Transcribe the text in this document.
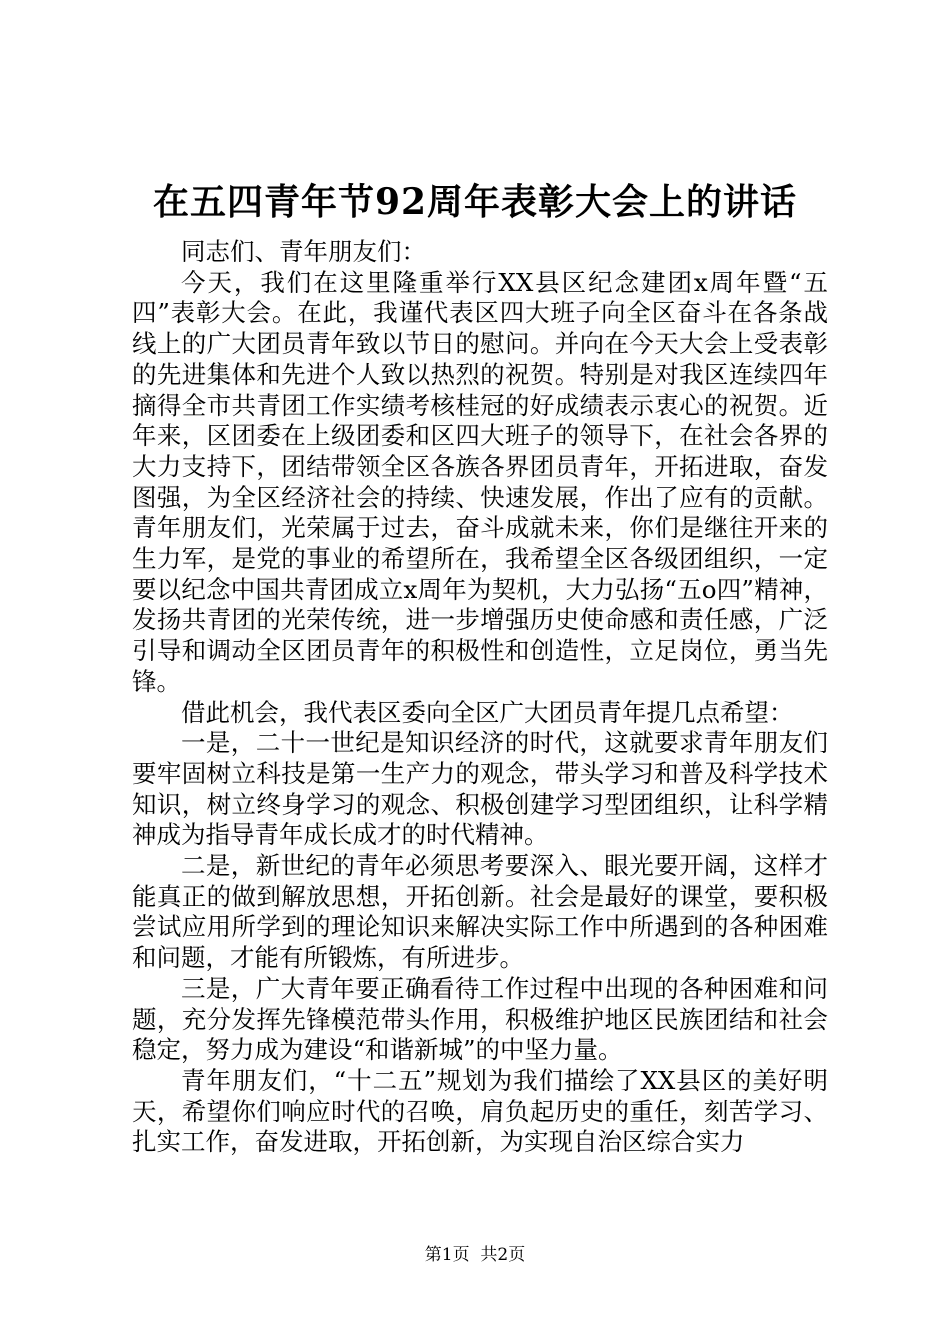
在五四青年节92周年表彰大会上的讲话

同志们、青年朋友们：

今天，我们在这里隆重举行XX县区纪念建团x周年暨“五四”表彰大会。在此，我谨代表区四大班子向全区奋斗在各条战线上的广大团员青年致以节日的慰问。并向在今天大会上受表彰的先进集体和先进个人致以热烈的祝贺。特别是对我区连续四年摘得全市共青团工作实绩考核桂冠的好成绩表示衷心的祝贺。近年来，区团委在上级团委和区四大班子的领导下，在社会各界的大力支持下，团结带领全区各族各界团员青年，开拓进取，奋发图强，为全区经济社会的持续、快速发展，作出了应有的贡献。青年朋友们，光荣属于过去，奋斗成就未来，你们是继往开来的生力军，是党的事业的希望所在，我希望全区各级团组织，一定要以纪念中国共青团成立x周年为契机，大力弘扬“五o四”精神，发扬共青团的光荣传统，进一步增强历史使命感和责任感，广泛引导和调动全区团员青年的积极性和创造性，立足岗位，勇当先锋。

借此机会，我代表区委向全区广大团员青年提几点希望：

一是，二十一世纪是知识经济的时代，这就要求青年朋友们要牢固树立科技是第一生产力的观念，带头学习和普及科学技术知识，树立终身学习的观念、积极创建学习型团组织，让科学精神成为指导青年成长成才的时代精神。

二是，新世纪的青年必须思考要深入、眼光要开阔，这样才能真正的做到解放思想，开拓创新。社会是最好的课堂，要积极尝试应用所学到的理论知识来解决实际工作中所遇到的各种困难和问题，才能有所锻炼，有所进步。

三是，广大青年要正确看待工作过程中出现的各种困难和问题，充分发挥先锋模范带头作用，积极维护地区民族团结和社会稳定，努力成为建设“和谐新城”的中坚力量。

青年朋友们，“十二五”规划为我们描绘了XX县区的美好明天，希望你们响应时代的召唤，肩负起历史的重任，刻苦学习、扎实工作，奋发进取，开拓创新，为实现自治区综合实力

第1页  共2页
